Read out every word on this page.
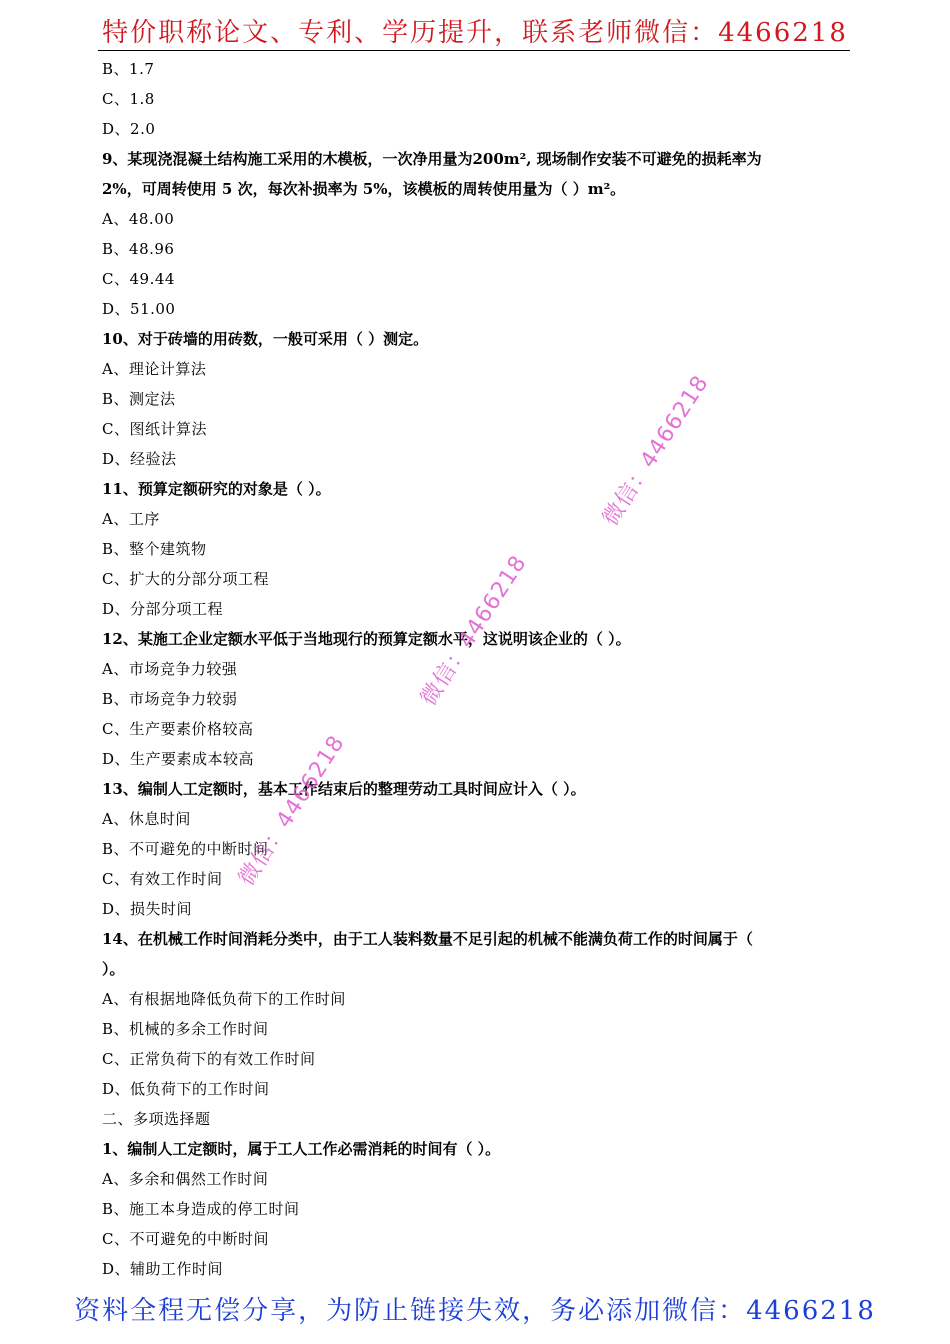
特价职称论文、专利、学历提升，联系老师微信：4466218
B、1.7
C、1.8
D、2.0
9、某现浇混凝土结构施工采用的木模板，一次净用量为200m², 现场制作安装不可避免的损耗率为
2%，可周转使用 5 次，每次补损率为 5%，该模板的周转使用量为（ ）m²。
A、48.00
B、48.96
C、49.44
D、51.00
10、对于砖墙的用砖数，一般可采用（ ）测定。
A、理论计算法
B、测定法
C、图纸计算法
D、经验法
11、预算定额研究的对象是（ ）。
A、工序
B、整个建筑物
C、扩大的分部分项工程
D、分部分项工程
12、某施工企业定额水平低于当地现行的预算定额水平，这说明该企业的（ ）。
A、市场竞争力较强
B、市场竞争力较弱
C、生产要素价格较高
D、生产要素成本较高
13、编制人工定额时，基本工作结束后的整理劳动工具时间应计入（ ）。
A、休息时间
B、不可避免的中断时间
C、有效工作时间
D、损失时间
14、在机械工作时间消耗分类中，由于工人装料数量不足引起的机械不能满负荷工作的时间属于（
）。
A、有根据地降低负荷下的工作时间
B、机械的多余工作时间
C、正常负荷下的有效工作时间
D、低负荷下的工作时间
二、多项选择题
1、编制人工定额时，属于工人工作必需消耗的时间有（ ）。
A、多余和偶然工作时间
B、施工本身造成的停工时间
C、不可避免的中断时间
D、辅助工作时间
微信：4466218
微信：4466218
微信：4466218
资料全程无偿分享，为防止链接失效，务必添加微信：4466218
